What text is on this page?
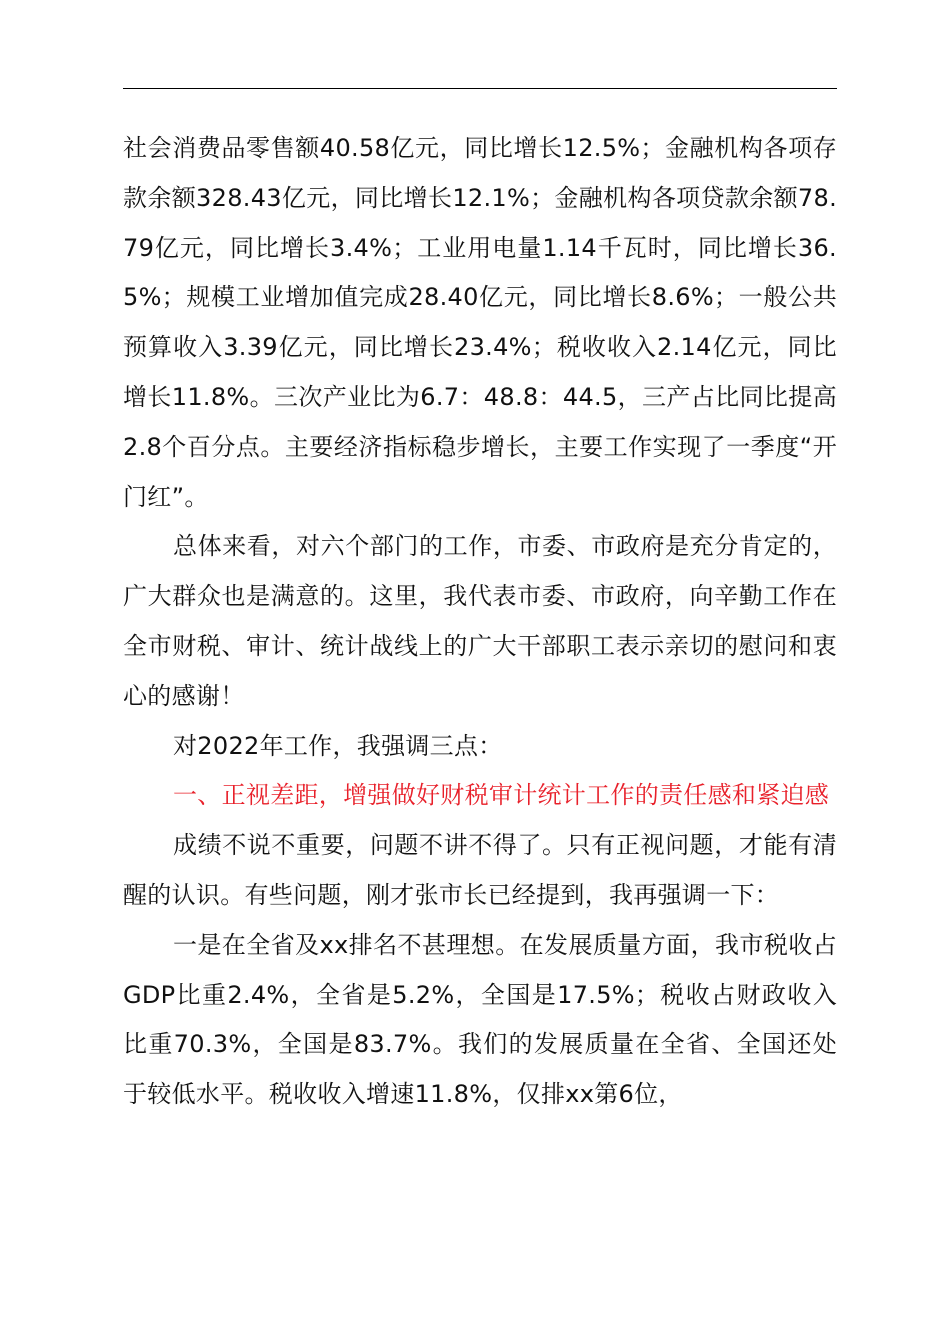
社会消费品零售额40.58亿元，同比增长12.5%；金融机构各项存款余额328.43亿元，同比增长12.1%；金融机构各项贷款余额78.79亿元，同比增长3.4%；工业用电量1.14千瓦时，同比增长36.5%；规模工业增加值完成28.40亿元，同比增长8.6%；一般公共预算收入3.39亿元，同比增长23.4%；税收收入2.14亿元，同比增长11.8%。三次产业比为6.7：48.8：44.5，三产占比同比提高2.8个百分点。主要经济指标稳步增长，主要工作实现了一季度“开门红”。

总体来看，对六个部门的工作，市委、市政府是充分肯定的，广大群众也是满意的。这里，我代表市委、市政府，向辛勤工作在全市财税、审计、统计战线上的广大干部职工表示亲切的慰问和衷心的感谢！

对2022年工作，我强调三点：

一、正视差距，增强做好财税审计统计工作的责任感和紧迫感

成绩不说不重要，问题不讲不得了。只有正视问题，才能有清醒的认识。有些问题，刚才张市长已经提到，我再强调一下：

一是在全省及xx排名不甚理想。在发展质量方面，我市税收占GDP比重2.4%，全省是5.2%，全国是17.5%；税收占财政收入比重70.3%，全国是83.7%。我们的发展质量在全省、全国还处于较低水平。税收收入增速11.8%，仅排xx第6位，
